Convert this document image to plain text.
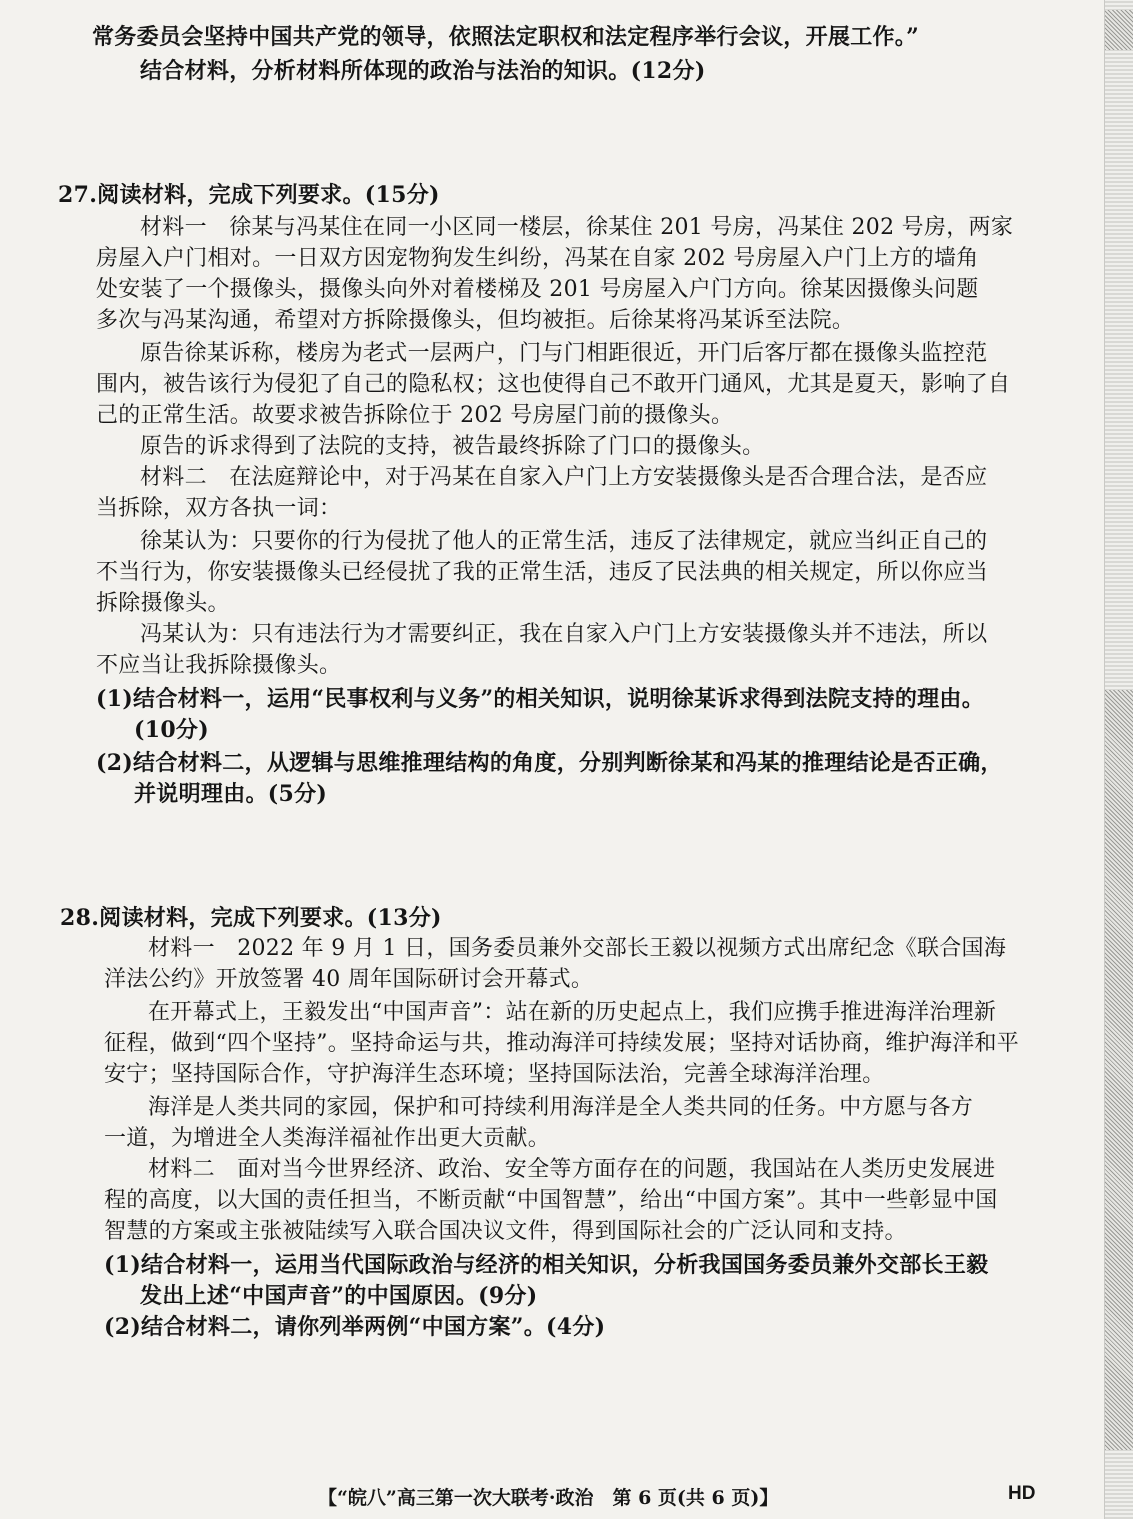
常务委员会坚持中国共产党的领导，依照法定职权和法定程序举行会议，开展工作。”
结合材料，分析材料所体现的政治与法治的知识。(12分)
27.阅读材料，完成下列要求。(15分)
材料一　徐某与冯某住在同一小区同一楼层，徐某住 201 号房，冯某住 202 号房，两家
房屋入户门相对。一日双方因宠物狗发生纠纷，冯某在自家 202 号房屋入户门上方的墙角
处安装了一个摄像头，摄像头向外对着楼梯及 201 号房屋入户门方向。徐某因摄像头问题
多次与冯某沟通，希望对方拆除摄像头，但均被拒。后徐某将冯某诉至法院。
原告徐某诉称，楼房为老式一层两户，门与门相距很近，开门后客厅都在摄像头监控范
围内，被告该行为侵犯了自己的隐私权；这也使得自己不敢开门通风，尤其是夏天，影响了自
己的正常生活。故要求被告拆除位于 202 号房屋门前的摄像头。
原告的诉求得到了法院的支持，被告最终拆除了门口的摄像头。
材料二　在法庭辩论中，对于冯某在自家入户门上方安装摄像头是否合理合法，是否应
当拆除，双方各执一词：
徐某认为：只要你的行为侵扰了他人的正常生活，违反了法律规定，就应当纠正自己的
不当行为，你安装摄像头已经侵扰了我的正常生活，违反了民法典的相关规定，所以你应当
拆除摄像头。
冯某认为：只有违法行为才需要纠正，我在自家入户门上方安装摄像头并不违法，所以
不应当让我拆除摄像头。
(1)结合材料一，运用“民事权利与义务”的相关知识，说明徐某诉求得到法院支持的理由。
(10分)
(2)结合材料二，从逻辑与思维推理结构的角度，分别判断徐某和冯某的推理结论是否正确，
并说明理由。(5分)
28.阅读材料，完成下列要求。(13分)
材料一　2022 年 9 月 1 日，国务委员兼外交部长王毅以视频方式出席纪念《联合国海
洋法公约》开放签署 40 周年国际研讨会开幕式。
在开幕式上，王毅发出“中国声音”：站在新的历史起点上，我们应携手推进海洋治理新
征程，做到“四个坚持”。坚持命运与共，推动海洋可持续发展；坚持对话协商，维护海洋和平
安宁；坚持国际合作，守护海洋生态环境；坚持国际法治，完善全球海洋治理。
海洋是人类共同的家园，保护和可持续利用海洋是全人类共同的任务。中方愿与各方
一道，为增进全人类海洋福祉作出更大贡献。
材料二　面对当今世界经济、政治、安全等方面存在的问题，我国站在人类历史发展进
程的高度，以大国的责任担当，不断贡献“中国智慧”，给出“中国方案”。其中一些彰显中国
智慧的方案或主张被陆续写入联合国决议文件，得到国际社会的广泛认同和支持。
(1)结合材料一，运用当代国际政治与经济的相关知识，分析我国国务委员兼外交部长王毅
发出上述“中国声音”的中国原因。(9分)
(2)结合材料二，请你列举两例“中国方案”。(4分)
【“皖八”高三第一次大联考·政治　第 6 页(共 6 页)】	HD
